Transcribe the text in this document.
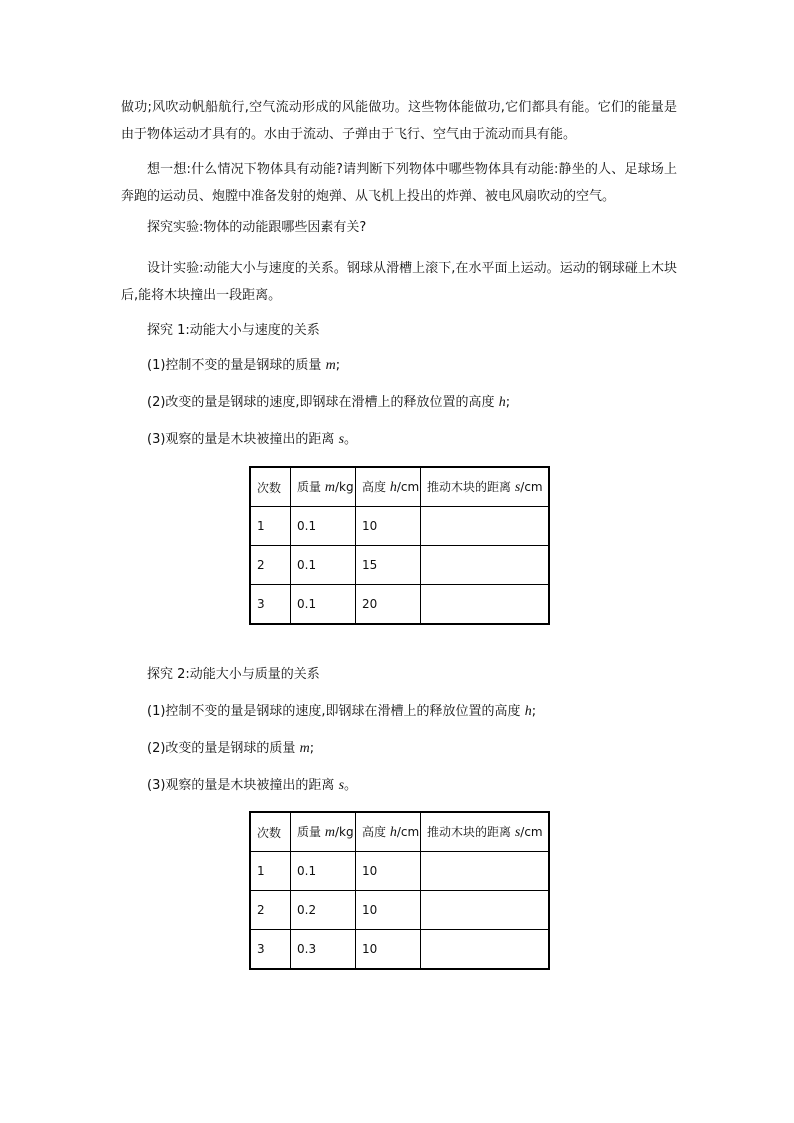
做功;风吹动帆船航行,空气流动形成的风能做功。这些物体能做功,它们都具有能。它们的能量是由于物体运动才具有的。水由于流动、子弹由于飞行、空气由于流动而具有能。

想一想:什么情况下物体具有动能?请判断下列物体中哪些物体具有动能:静坐的人、足球场上奔跑的运动员、炮膛中准备发射的炮弹、从飞机上投出的炸弹、被电风扇吹动的空气。

探究实验:物体的动能跟哪些因素有关?

设计实验:动能大小与速度的关系。钢球从滑槽上滚下,在水平面上运动。运动的钢球碰上木块后,能将木块撞出一段距离。

探究 1:动能大小与速度的关系
(1)控制不变的量是钢球的质量 m;
(2)改变的量是钢球的速度,即钢球在滑槽上的释放位置的高度 h;
(3)观察的量是木块被撞出的距离 s。
次数	质量 m/kg	高度 h/cm	推动木块的距离 s/cm
1	0.1	10	
2	0.1	15	
3	0.1	20	
探究 2:动能大小与质量的关系
(1)控制不变的量是钢球的速度,即钢球在滑槽上的释放位置的高度 h;
(2)改变的量是钢球的质量 m;
(3)观察的量是木块被撞出的距离 s。
次数	质量 m/kg	高度 h/cm	推动木块的距离 s/cm
1	0.1	10	
2	0.2	10	
3	0.3	10	
